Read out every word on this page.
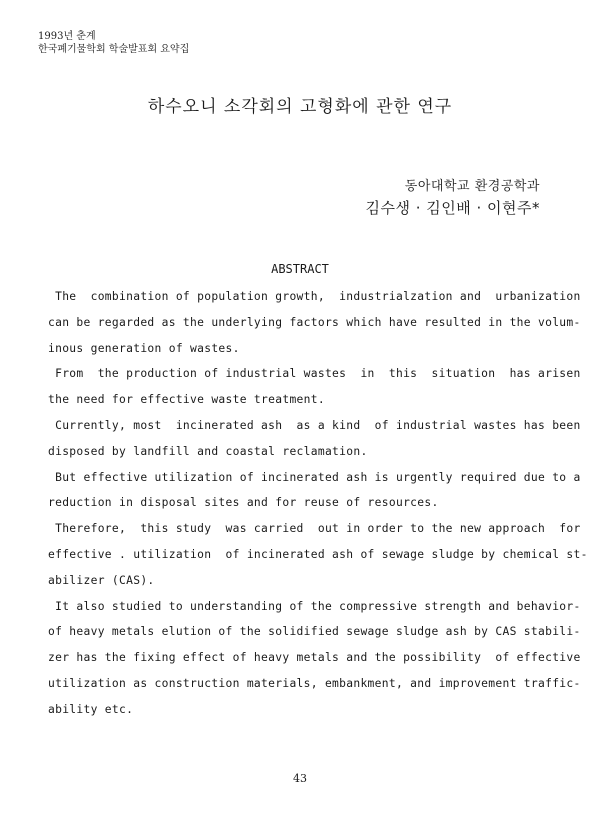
1993년 춘계
한국폐기물학회 학술발표회 요약집
하수오니 소각회의 고형화에 관한 연구
동아대학교 환경공학과
김수생 · 김인배 · 이현주*
ABSTRACT
The  combination of population growth,  industrialzation and  urbanization
can be regarded as the underlying factors which have resulted in the volum-
inous generation of wastes.
From  the production of industrial wastes  in  this  situation  has arisen
the need for effective waste treatment.
Currently, most  incinerated ash  as a kind  of industrial wastes has been
disposed by landfill and coastal reclamation.
But effective utilization of incinerated ash is urgently required due to a
reduction in disposal sites and for reuse of resources.
Therefore,  this study  was carried  out in order to the new approach  for
effective . utilization  of incinerated ash of sewage sludge by chemical st-
abilizer (CAS).
It also studied to understanding of the compressive strength and behavior-
of heavy metals elution of the solidified sewage sludge ash by CAS stabili-
zer has the fixing effect of heavy metals and the possibility  of effective
utilization as construction materials, embankment, and improvement traffic-
ability etc.
43
